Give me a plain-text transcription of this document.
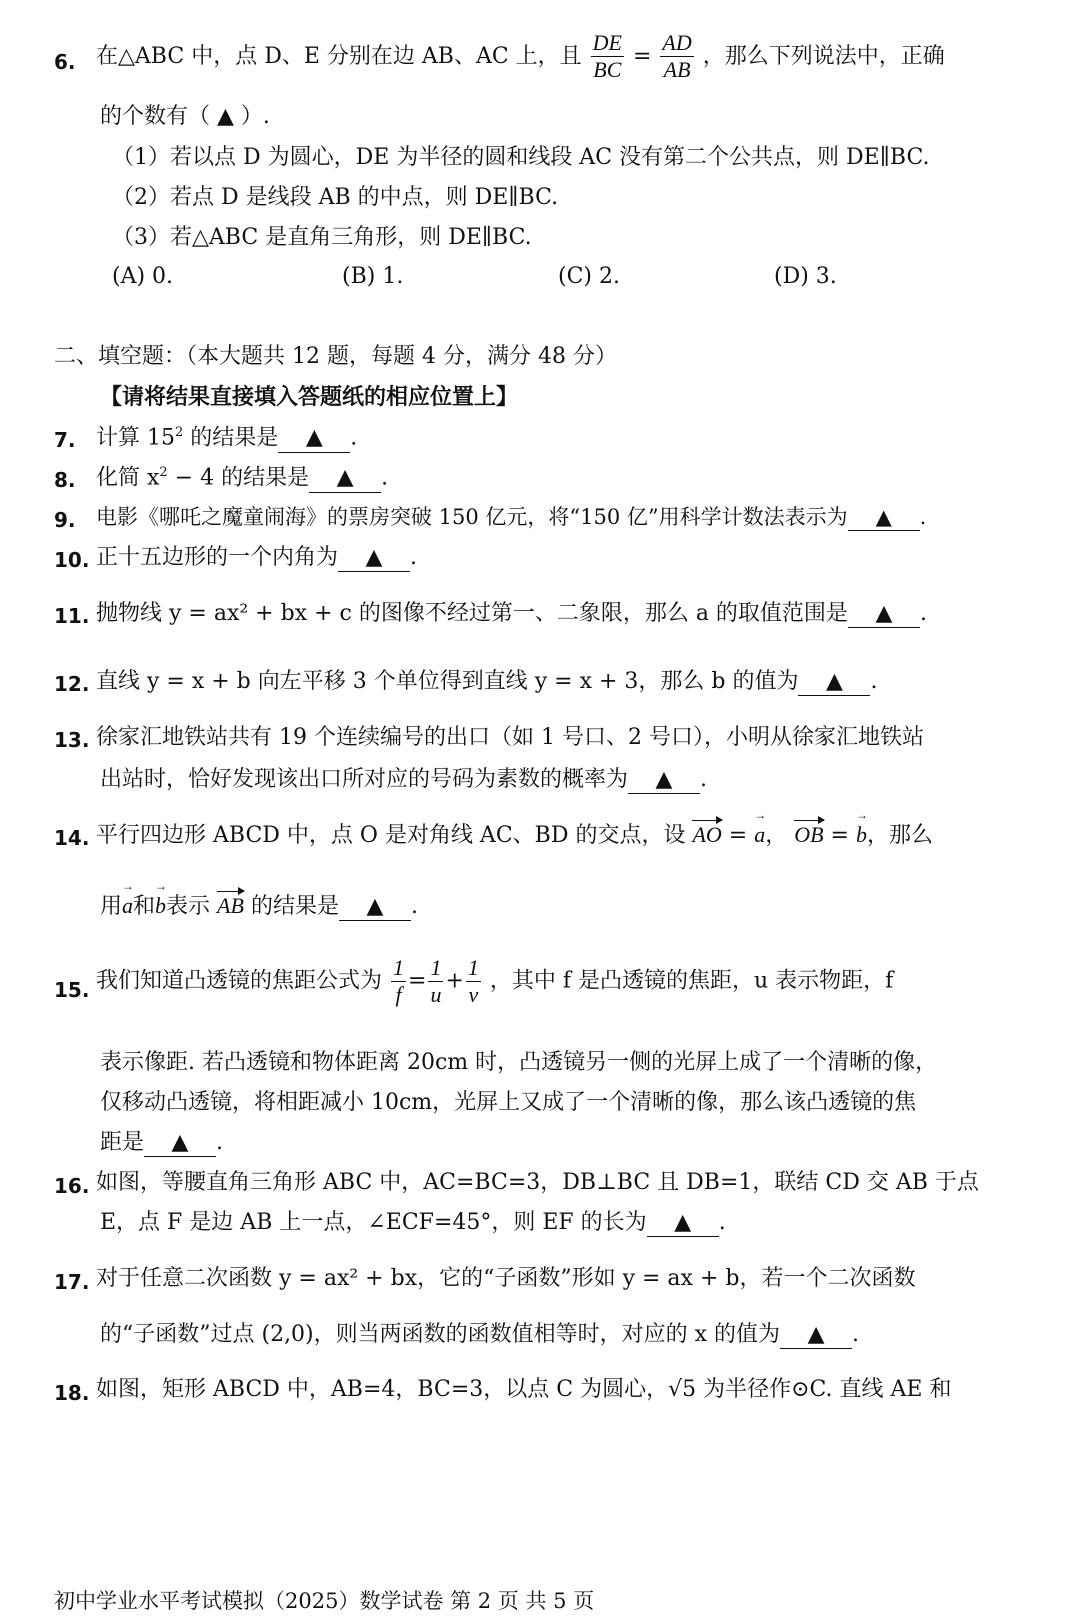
6. 在△ABC 中，点 D、E 分别在边 AB、AC 上，且 $\frac{DE}{BC} = \frac{AD}{AB}$ ，那么下列说法中，正确
的个数有（ ▲ ）.
（1）若以点 D 为圆心，DE 为半径的圆和线段 AC 没有第二个公共点，则 DE∥BC.
（2）若点 D 是线段 AB 的中点，则 DE∥BC.
（3）若△ABC 是直角三角形，则 DE∥BC.
(A) 0.	(B) 1.	(C) 2.	(D) 3.
二、填空题：（本大题共 12 题，每题 4 分，满分 48 分）
【请将结果直接填入答题纸的相应位置上】
7. 计算 $15^2$ 的结果是 ▲ .
8. 化简 $x^2 - 4$ 的结果是 ▲ .
9. 电影《哪吒之魔童闹海》的票房突破 150 亿元，将“150 亿”用科学计数法表示为 ▲ .
10. 正十五边形的一个内角为 ▲ .
11. 抛物线 y = ax² + bx + c 的图像不经过第一、二象限，那么 a 的取值范围是 ▲ .
12. 直线 y = x + b 向左平移 3 个单位得到直线 y = x + 3，那么 b 的值为 ▲ .
13. 徐家汇地铁站共有 19 个连续编号的出口（如 1 号口、2 号口），小明从徐家汇地铁站
出站时，恰好发现该出口所对应的号码为素数的概率为 ▲ .
14. 平行四边形 ABCD 中，点 O 是对角线 AC、BD 的交点，设 AO = a →， OB = b →，那么
用a →和b →表示 AB 的结果是 ▲ .
15. 我们知道凸透镜的焦距公式为 $\frac{1}{f} = \frac{1}{u} + \frac{1}{v}$ ，其中 f 是凸透镜的焦距，u 表示物距，f
表示像距. 若凸透镜和物体距离 20cm 时，凸透镜另一侧的光屏上成了一个清晰的像，
仅移动凸透镜，将相距减小 10cm，光屏上又成了一个清晰的像，那么该凸透镜的焦
距是 ▲ .
16. 如图，等腰直角三角形 ABC 中，AC=BC=3，DB⊥BC 且 DB=1，联结 CD 交 AB 于点
E，点 F 是边 AB 上一点，∠ECF=45°，则 EF 的长为 ▲ .
17. 对于任意二次函数 y = ax² + bx，它的“子函数”形如 y = ax + b，若一个二次函数
的“子函数”过点 (2,0)，则当两函数的函数值相等时，对应的 x 的值为 ▲ .
18. 如图，矩形 ABCD 中，AB=4，BC=3，以点 C 为圆心，√5 为半径作⊙C. 直线 AE 和
初中学业水平考试模拟（2025）数学试卷 第 2 页 共 5 页
